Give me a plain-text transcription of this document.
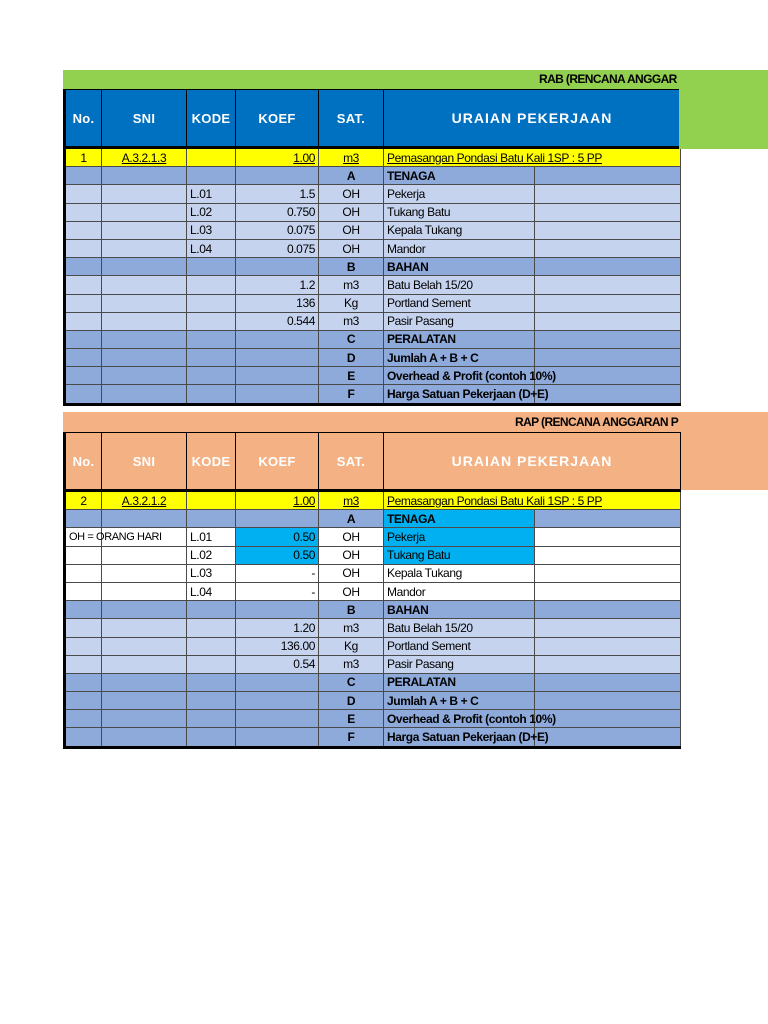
RAB (RENCANA ANGGAR
No.	SNI	KODE	KOEF	SAT.	URAIAN PEKERJAAN	
1	A.3.2.1.3		1.00	m3	Pemasangan Pondasi Batu Kali 1SP : 5 PP	
				A	TENAGA	
		L.01	1.5	OH	Pekerja	
		L.02	0.750	OH	Tukang Batu	
		L.03	0.075	OH	Kepala Tukang	
		L.04	0.075	OH	Mandor	
				B	BAHAN	
			1.2	m3	Batu Belah 15/20	
			136	Kg	Portland Sement	
			0.544	m3	Pasir Pasang	
				C	PERALATAN	
				D	Jumlah A + B + C	
				E	Overhead & Profit (contoh 10%)	
				F	Harga Satuan Pekerjaan (D+E)	
RAP (RENCANA ANGGARAN P
No.	SNI	KODE	KOEF	SAT.	URAIAN PEKERJAAN	
2	A.3.2.1.2		1.00	m3	Pemasangan Pondasi Batu Kali 1SP : 5 PP	
				A	TENAGA	
OH = ORANG HARI		L.01	0.50	OH	Pekerja	
		L.02	0.50	OH	Tukang Batu	
		L.03	-	OH	Kepala Tukang	
		L.04	-	OH	Mandor	
				B	BAHAN	
			1.20	m3	Batu Belah 15/20	
			136.00	Kg	Portland Sement	
			0.54	m3	Pasir Pasang	
				C	PERALATAN	
				D	Jumlah A + B + C	
				E	Overhead & Profit (contoh 10%)	
				F	Harga Satuan Pekerjaan (D+E)	
